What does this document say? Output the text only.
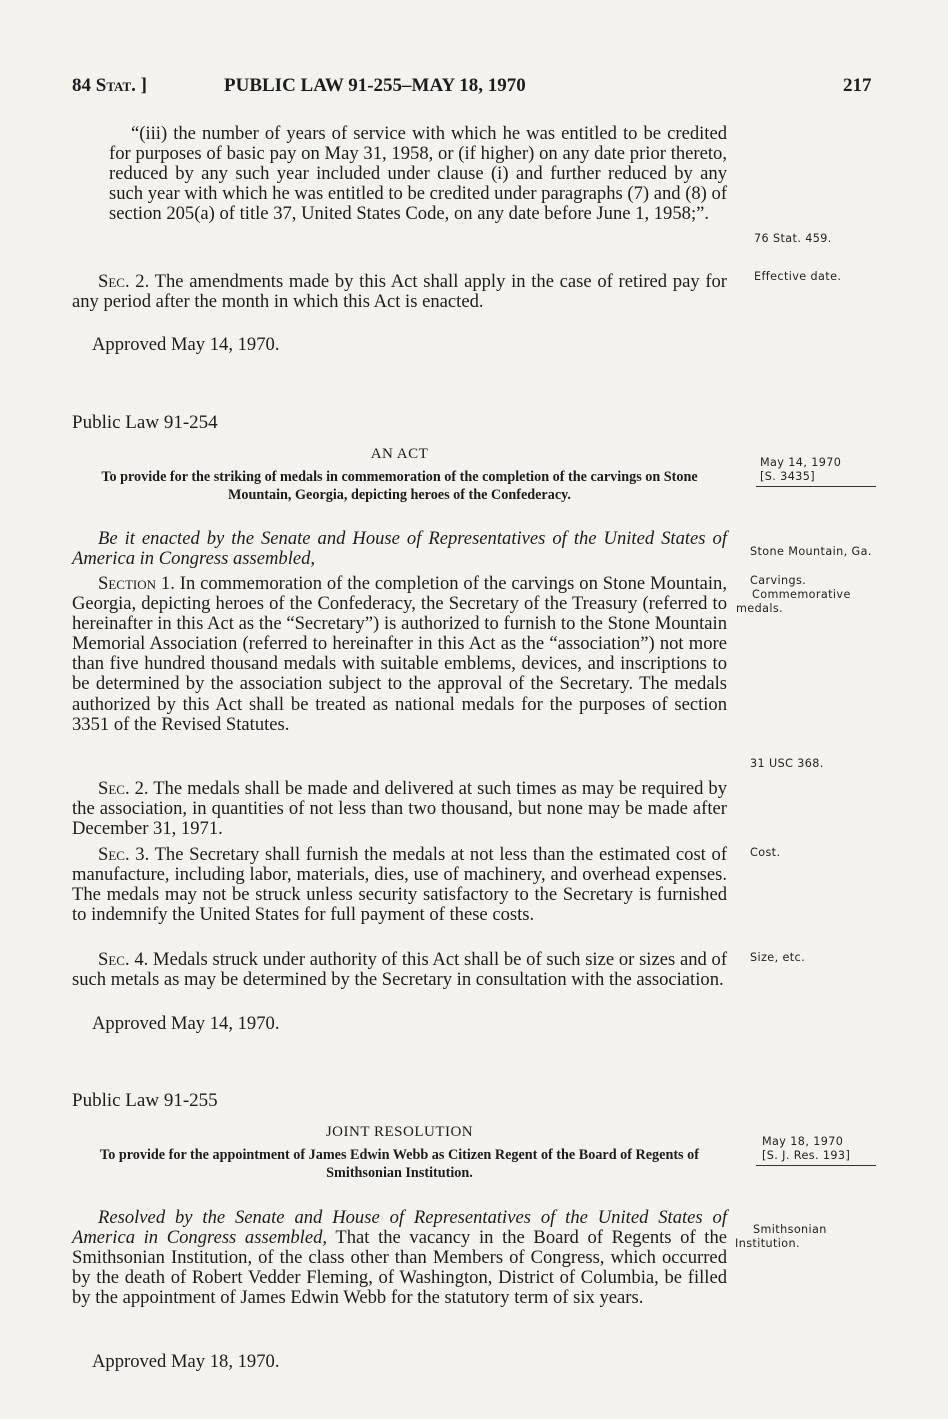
84 Stat. ]	PUBLIC LAW 91-255–MAY 18, 1970	217
“(iii) the number of years of service with which he was entitled to be credited for purposes of basic pay on May 31, 1958, or (if higher) on any date prior thereto, reduced by any such year included under clause (i) and further reduced by any such year with which he was entitled to be credited under paragraphs (7) and (8) of section 205(a) of title 37, United States Code, on any date before June 1, 1958;”.
Sec. 2. The amendments made by this Act shall apply in the case of retired pay for any period after the month in which this Act is enacted.
Approved May 14, 1970.
Public Law 91-254
AN ACT
To provide for the striking of medals in commemoration of the completion of the carvings on Stone Mountain, Georgia, depicting heroes of the Confederacy.
Be it enacted by the Senate and House of Representatives of the United States of America in Congress assembled,
Section 1. In commemoration of the completion of the carvings on Stone Mountain, Georgia, depicting heroes of the Confederacy, the Secretary of the Treasury (referred to hereinafter in this Act as the “Secretary”) is authorized to furnish to the Stone Mountain Memorial Association (referred to hereinafter in this Act as the “association”) not more than five hundred thousand medals with suitable emblems, devices, and inscriptions to be determined by the association subject to the approval of the Secretary. The medals authorized by this Act shall be treated as national medals for the purposes of section 3351 of the Revised Statutes.
Sec. 2. The medals shall be made and delivered at such times as may be required by the association, in quantities of not less than two thousand, but none may be made after December 31, 1971.
Sec. 3. The Secretary shall furnish the medals at not less than the estimated cost of manufacture, including labor, materials, dies, use of machinery, and overhead expenses. The medals may not be struck unless security satisfactory to the Secretary is furnished to indemnify the United States for full payment of these costs.
Sec. 4. Medals struck under authority of this Act shall be of such size or sizes and of such metals as may be determined by the Secretary in consultation with the association.
Approved May 14, 1970.
Public Law 91-255
JOINT RESOLUTION
To provide for the appointment of James Edwin Webb as Citizen Regent of the Board of Regents of Smithsonian Institution.
Resolved by the Senate and House of Representatives of the United States of America in Congress assembled, That the vacancy in the Board of Regents of the Smithsonian Institution, of the class other than Members of Congress, which occurred by the death of Robert Vedder Fleming, of Washington, District of Columbia, be filled by the appointment of James Edwin Webb for the statutory term of six years.
Approved May 18, 1970.
76 Stat. 459.
Effective date.
May 14, 1970
[S. 3435]
Stone Mountain, Ga.
Carvings.
Commemorative medals.
31 USC 368.
Cost.
Size, etc.
May 18, 1970
[S. J. Res. 193]
Smithsonian Institution.
